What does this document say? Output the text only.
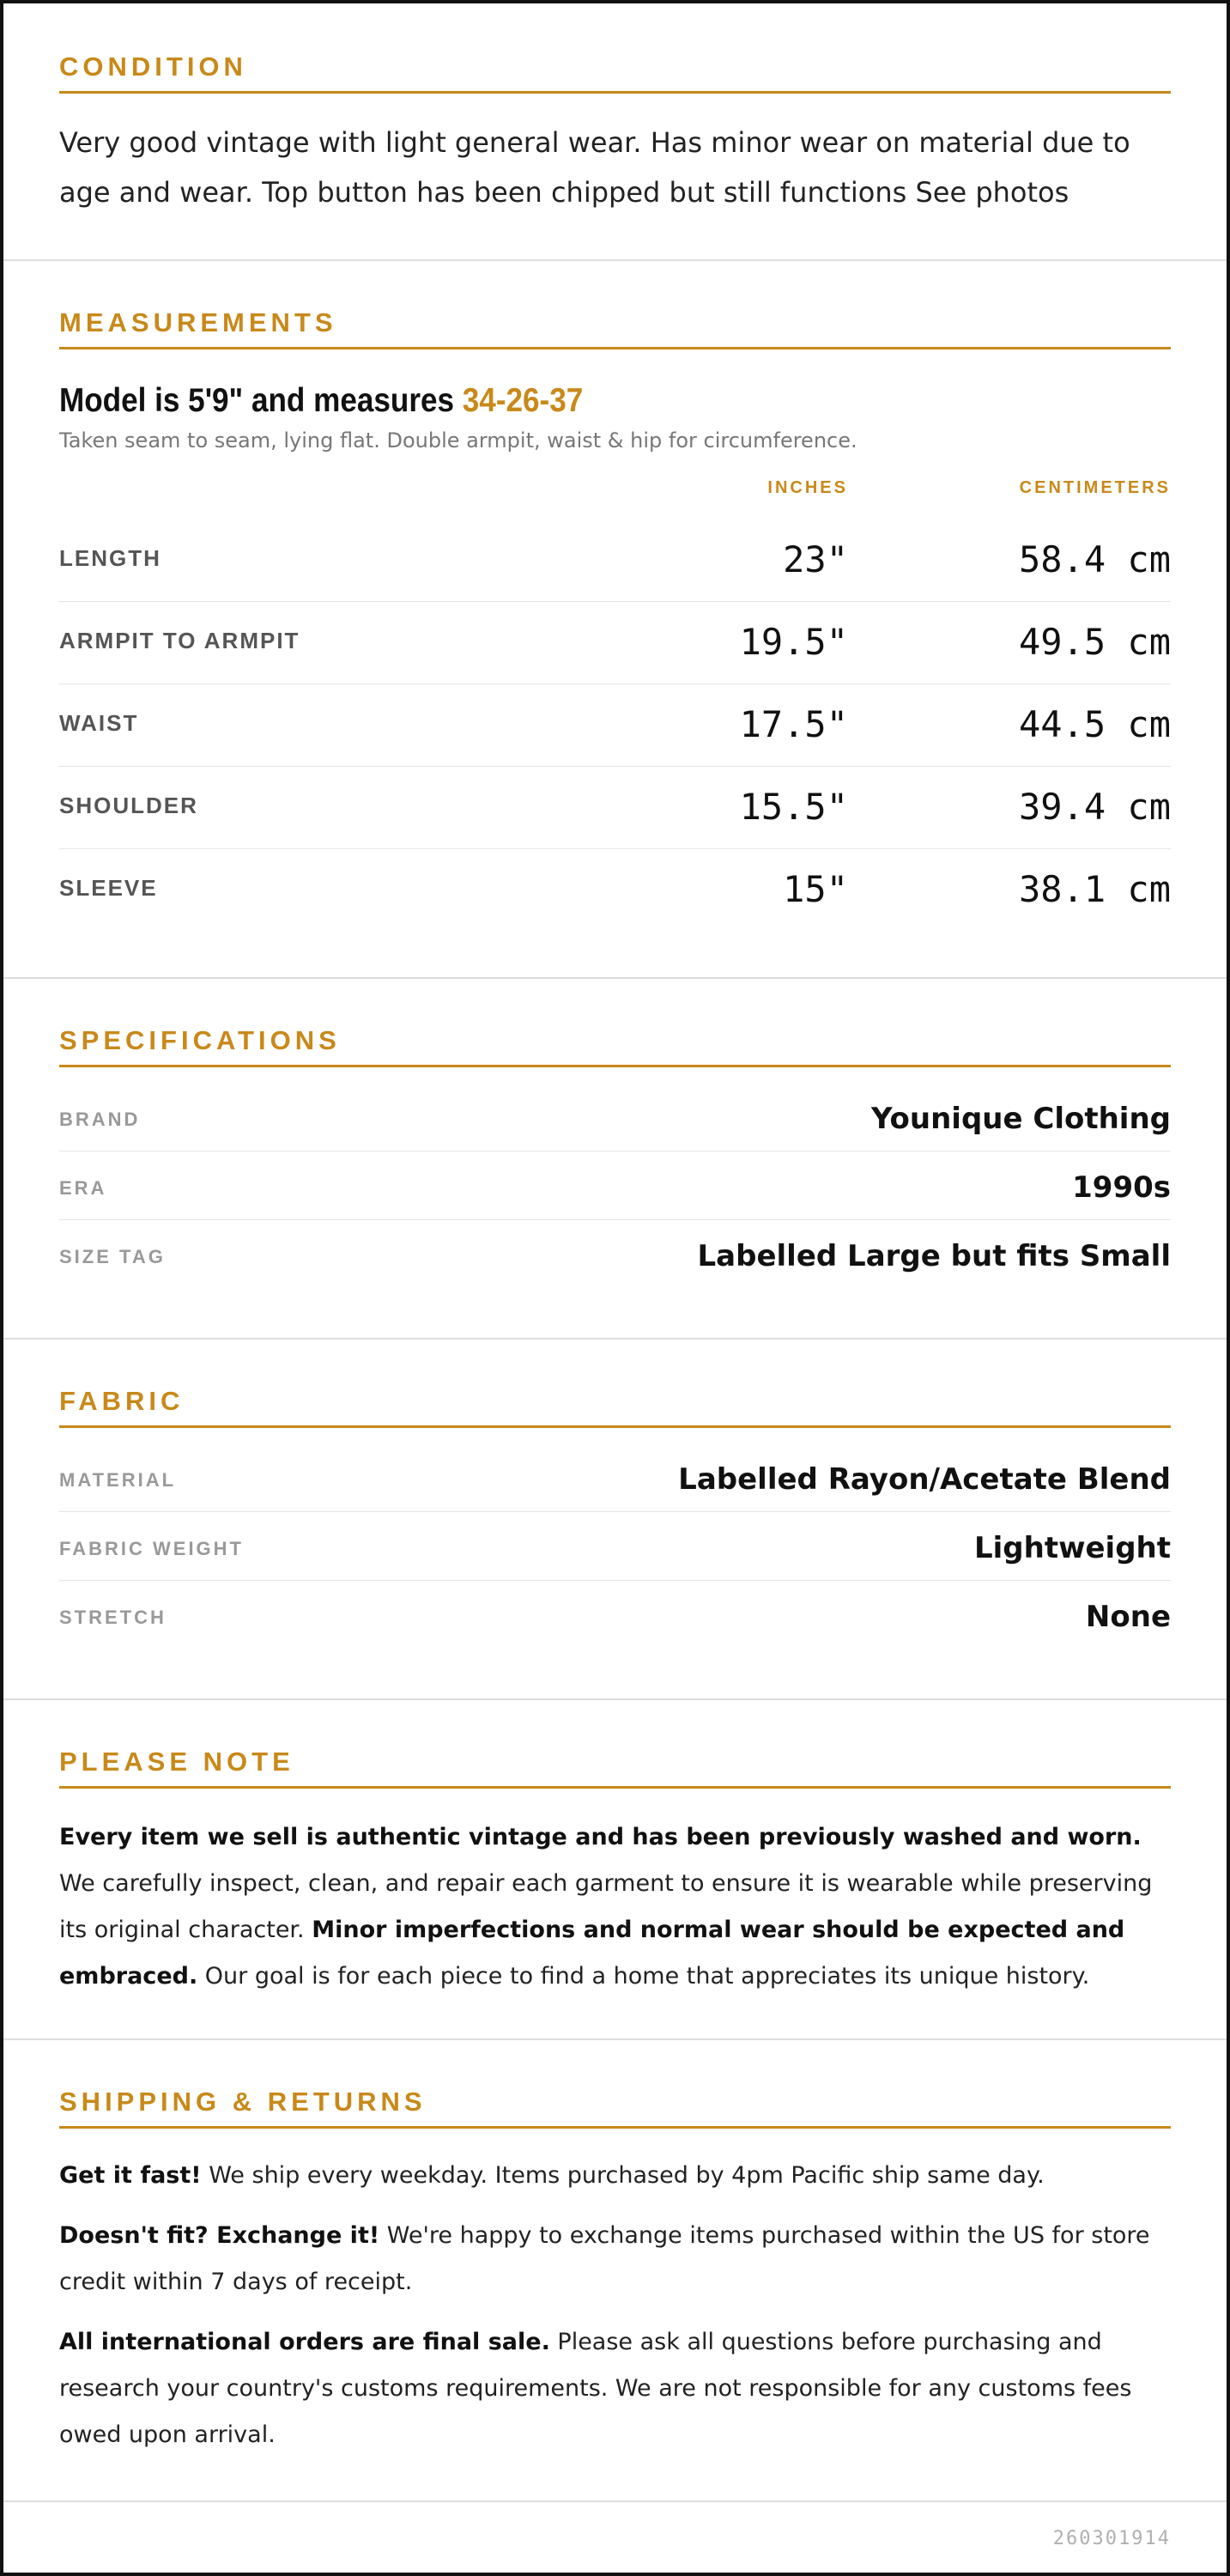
CONDITION
Very good vintage with light general wear. Has minor wear on material due to age and wear. Top button has been chipped but still functions See photos
MEASUREMENTS
Model is 5'9" and measures 34-26-37
Taken seam to seam, lying flat. Double armpit, waist & hip for circumference.
INCHES	CENTIMETERS
LENGTH	23"	58.4 cm
ARMPIT TO ARMPIT	19.5"	49.5 cm
WAIST	17.5"	44.5 cm
SHOULDER	15.5"	39.4 cm
SLEEVE	15"	38.1 cm
SPECIFICATIONS
BRAND	Younique Clothing
ERA	1990s
SIZE TAG	Labelled Large but fits Small
FABRIC
MATERIAL	Labelled Rayon/Acetate Blend
FABRIC WEIGHT	Lightweight
STRETCH	None
PLEASE NOTE
Every item we sell is authentic vintage and has been previously washed and worn. We carefully inspect, clean, and repair each garment to ensure it is wearable while preserving its original character. Minor imperfections and normal wear should be expected and embraced. Our goal is for each piece to find a home that appreciates its unique history.
SHIPPING & RETURNS

Get it fast! We ship every weekday. Items purchased by 4pm Pacific ship same day.

Doesn't fit? Exchange it! We're happy to exchange items purchased within the US for store credit within 7 days of receipt.

All international orders are final sale. Please ask all questions before purchasing and research your country's customs requirements. We are not responsible for any customs fees owed upon arrival.

260301914
